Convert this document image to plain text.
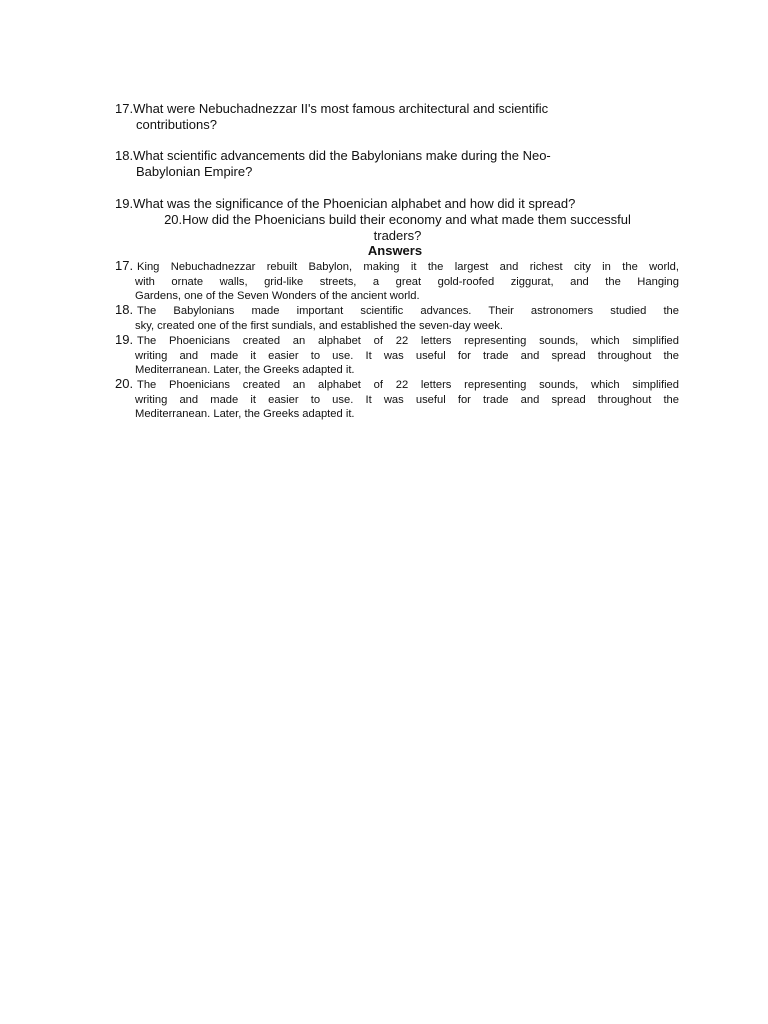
17.What were Nebuchadnezzar II's most famous architectural and scientific
contributions?
18.What scientific advancements did the Babylonians make during the Neo-
Babylonian Empire?
19.What was the significance of the Phoenician alphabet and how did it spread?
20.How did the Phoenicians build their economy and what made them successful
traders?
Answers
17. King Nebuchadnezzar rebuilt Babylon, making it the largest and richest city in the world,
with ornate walls, grid-like streets, a great gold-roofed ziggurat, and the Hanging
Gardens, one of the Seven Wonders of the ancient world.
18. The Babylonians made important scientific advances. Their astronomers studied the
sky, created one of the first sundials, and established the seven-day week.
19. The Phoenicians created an alphabet of 22 letters representing sounds, which simplified
writing and made it easier to use. It was useful for trade and spread throughout the
Mediterranean. Later, the Greeks adapted it.
20. The Phoenicians created an alphabet of 22 letters representing sounds, which simplified
writing and made it easier to use. It was useful for trade and spread throughout the
Mediterranean. Later, the Greeks adapted it.
